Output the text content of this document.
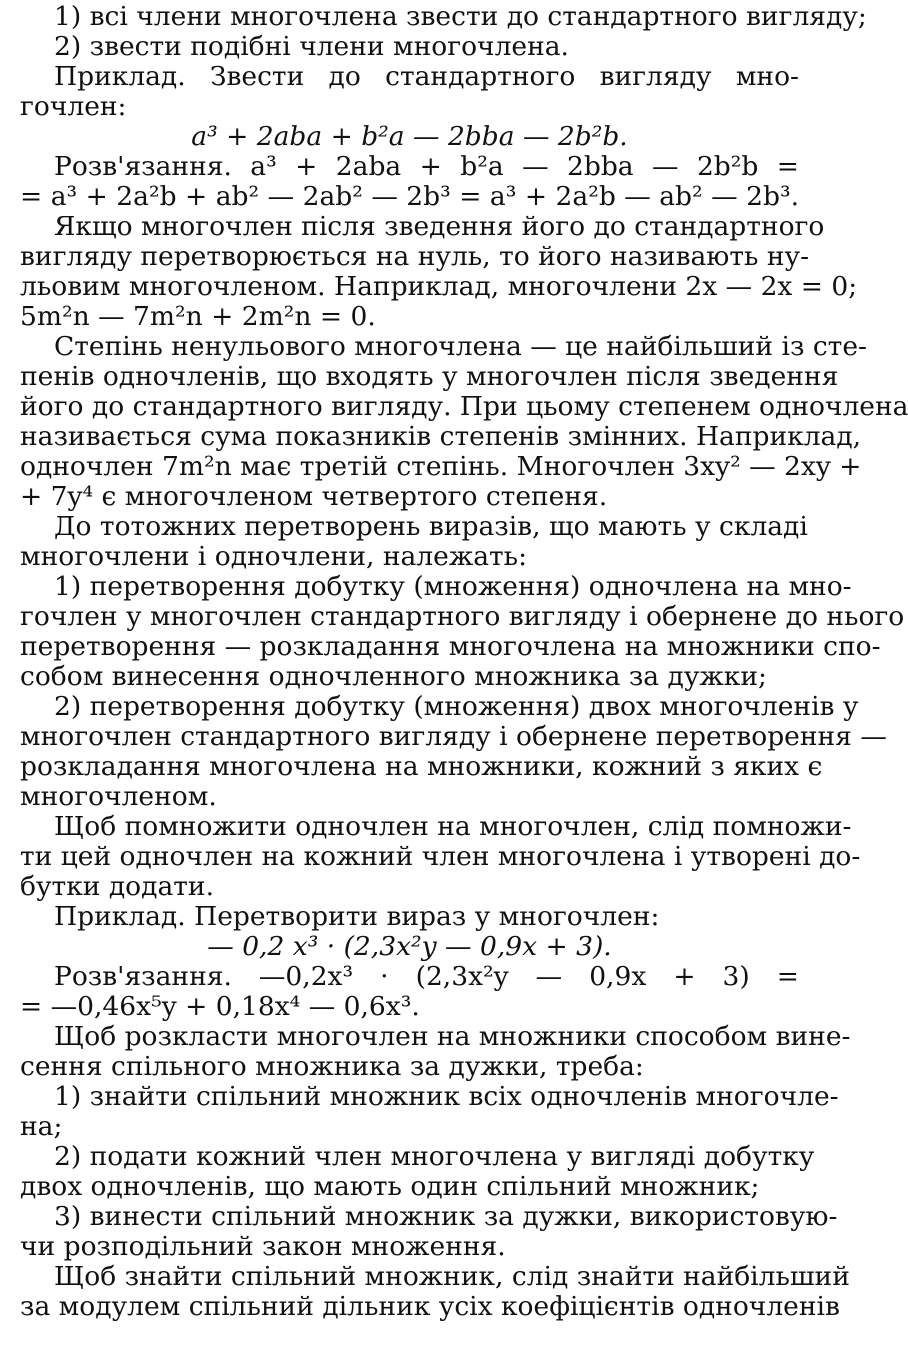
1) всі члени многочлена звести до стандартного вигляду;
2) звести подібні члени многочлена.
Приклад. Звести до стандартного вигляду мно-
гочлен:
a³ + 2aba + b²a — 2bba — 2b²b.
Розв'язання. a³ + 2aba + b²a — 2bba — 2b²b =
= a³ + 2a²b + ab² — 2ab² — 2b³ = a³ + 2a²b — ab² — 2b³.
Якщо многочлен після зведення його до стандартного
вигляду перетворюється на нуль, то його називають ну-
льовим многочленом. Наприклад, многочлени 2x — 2x = 0;
5m²n — 7m²n + 2m²n = 0.
Степінь ненульового многочлена — це найбільший із сте-
пенів одночленів, що входять у многочлен після зведення
його до стандартного вигляду. При цьому степенем одночлена
називається сума показників степенів змінних. Наприклад,
одночлен 7m²n має третій степінь. Многочлен 3xy² — 2xy +
+ 7y⁴ є многочленом четвертого степеня.
До тотожних перетворень виразів, що мають у складі
многочлени і одночлени, належать:
1) перетворення добутку (множення) одночлена на мно-
гочлен у многочлен стандартного вигляду і обернене до нього
перетворення — розкладання многочлена на множники спо-
собом винесення одночленного множника за дужки;
2) перетворення добутку (множення) двох многочленів у
многочлен стандартного вигляду і обернене перетворення —
розкладання многочлена на множники, кожний з яких є
многочленом.
Щоб помножити одночлен на многочлен, слід помножи-
ти цей одночлен на кожний член многочлена і утворені до-
бутки додати.
Приклад. Перетворити вираз у многочлен:
— 0,2 x³ · (2,3x²y — 0,9x + 3).
Розв'язання. —0,2x³ · (2,3x²y — 0,9x + 3) =
= —0,46x⁵y + 0,18x⁴ — 0,6x³.
Щоб розкласти многочлен на множники способом вине-
сення спільного множника за дужки, треба:
1) знайти спільний множник всіх одночленів многочле-
на;
2) подати кожний член многочлена у вигляді добутку
двох одночленів, що мають один спільний множник;
3) винести спільний множник за дужки, використовую-
чи розподільний закон множення.
Щоб знайти спільний множник, слід знайти найбільший
за модулем спільний дільник усіх коефіцієнтів одночленів
